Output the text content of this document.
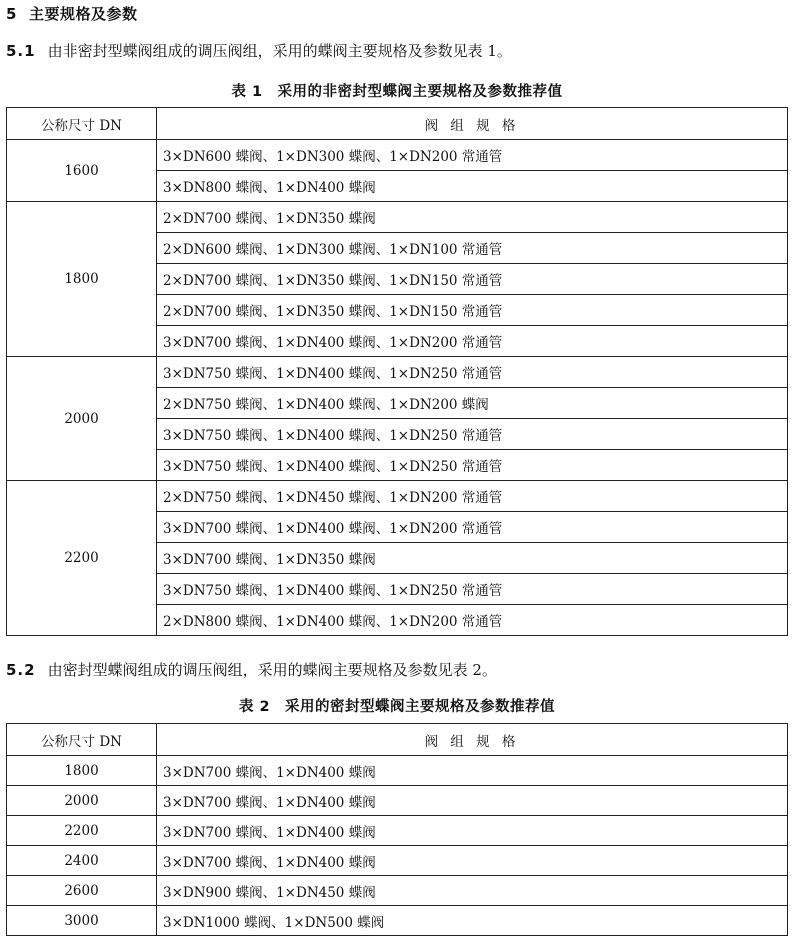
5 主要规格及参数
5.1 由非密封型蝶阀组成的调压阀组，采用的蝶阀主要规格及参数见表 1。
表 1　采用的非密封型蝶阀主要规格及参数推荐值
公称尺寸 DN	阀 组 规 格
1600	3×DN600 蝶阀、1×DN300 蝶阀、1×DN200 常通管
	3×DN800 蝶阀、1×DN400 蝶阀
1800	2×DN700 蝶阀、1×DN350 蝶阀
	2×DN600 蝶阀、1×DN300 蝶阀、1×DN100 常通管
	2×DN700 蝶阀、1×DN350 蝶阀、1×DN150 常通管
	2×DN700 蝶阀、1×DN350 蝶阀、1×DN150 常通管
	3×DN700 蝶阀、1×DN400 蝶阀、1×DN200 常通管
2000	3×DN750 蝶阀、1×DN400 蝶阀、1×DN250 常通管
	2×DN750 蝶阀、1×DN400 蝶阀、1×DN200 蝶阀
	3×DN750 蝶阀、1×DN400 蝶阀、1×DN250 常通管
	3×DN750 蝶阀、1×DN400 蝶阀、1×DN250 常通管
2200	2×DN750 蝶阀、1×DN450 蝶阀、1×DN200 常通管
	3×DN700 蝶阀、1×DN400 蝶阀、1×DN200 常通管
	3×DN700 蝶阀、1×DN350 蝶阀
	3×DN750 蝶阀、1×DN400 蝶阀、1×DN250 常通管
	2×DN800 蝶阀、1×DN400 蝶阀、1×DN200 常通管
5.2 由密封型蝶阀组成的调压阀组，采用的蝶阀主要规格及参数见表 2。
表 2　采用的密封型蝶阀主要规格及参数推荐值
公称尺寸 DN	阀 组 规 格
1800	3×DN700 蝶阀、1×DN400 蝶阀
2000	3×DN700 蝶阀、1×DN400 蝶阀
2200	3×DN700 蝶阀、1×DN400 蝶阀
2400	3×DN700 蝶阀、1×DN400 蝶阀
2600	3×DN900 蝶阀、1×DN450 蝶阀
3000	3×DN1000 蝶阀、1×DN500 蝶阀
